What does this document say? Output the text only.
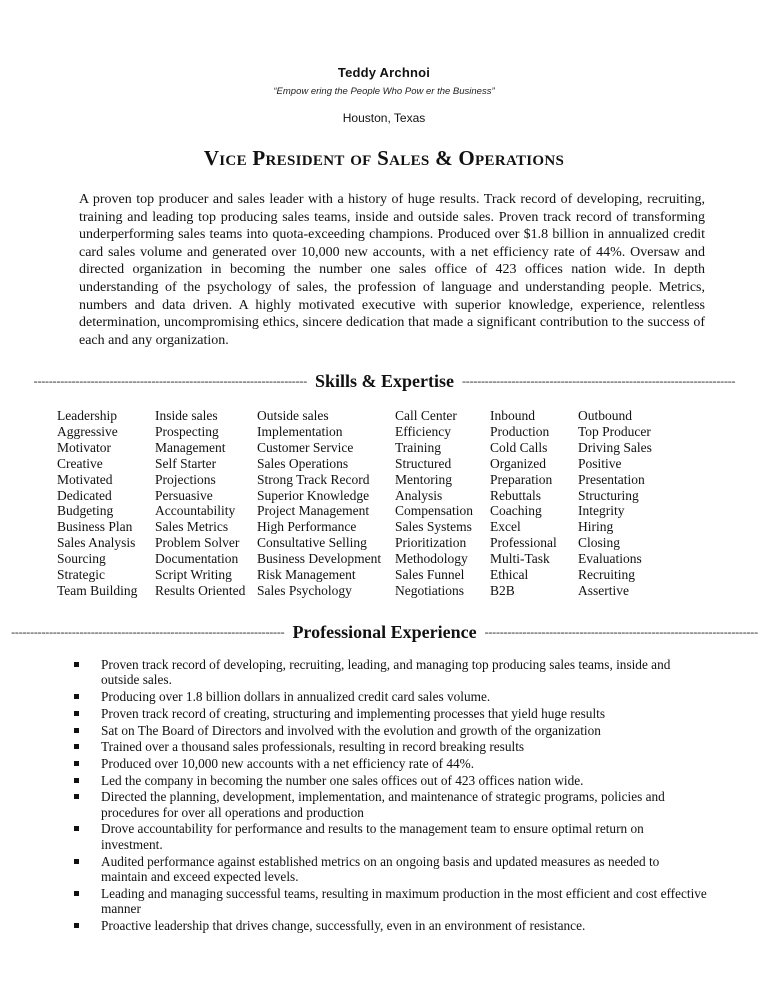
Teddy Archnoi
“Empow ering the People Who Pow er the Business”
Houston, Texas
Vice President of Sales & Operations
A proven top producer and sales leader with a history of huge results. Track record of developing, recruiting, training and leading top producing sales teams, inside and outside sales. Proven track record of transforming underperforming sales teams into quota-exceeding champions. Produced over $1.8 billion in annualized credit card sales volume and generated over 10,000 new accounts, with a net efficiency rate of 44%. Oversaw and directed organization in becoming the number one sales office of 423 offices nation wide. In depth understanding of the psychology of sales, the profession of language and understanding people. Metrics, numbers and data driven. A highly motivated executive with superior knowledge, experience, relentless determination, uncompromising ethics, sincere dedication that made a significant contribution to the success of each and any organization.
------------------------------------------------------------------------ Skills & Expertise ------------------------------------------------------------------------
Leadership	Inside sales	Outside sales	Call Center	Inbound	Outbound
Aggressive	Prospecting	Implementation	Efficiency	Production	Top Producer
Motivator	Management	Customer Service	Training	Cold Calls	Driving Sales
Creative	Self Starter	Sales Operations	Structured	Organized	Positive
Motivated	Projections	Strong Track Record	Mentoring	Preparation	Presentation
Dedicated	Persuasive	Superior Knowledge	Analysis	Rebuttals	Structuring
Budgeting	Accountability	Project Management	Compensation	Coaching	Integrity
Business Plan	Sales Metrics	High Performance	Sales Systems	Excel	Hiring
Sales Analysis	Problem Solver	Consultative Selling	Prioritization	Professional	Closing
Sourcing	Documentation	Business Development	Methodology	Multi-Task	Evaluations
Strategic	Script Writing	Risk Management	Sales Funnel	Ethical	Recruiting
Team Building	Results Oriented	Sales Psychology	Negotiations	B2B	Assertive
------------------------------------------------------------------------ Professional Experience ------------------------------------------------------------------------
Proven track record of developing, recruiting, leading, and managing top producing sales teams, inside and outside sales.
Producing over 1.8 billion dollars in annualized credit card sales volume.
Proven track record of creating, structuring and implementing processes that yield huge results
Sat on The Board of Directors and involved with the evolution and growth of the organization
Trained over a thousand sales professionals, resulting in record breaking results
Produced over 10,000 new accounts with a net efficiency rate of 44%.
Led the company in becoming the number one sales offices out of 423 offices nation wide.
Directed the planning, development, implementation, and maintenance of strategic programs, policies and procedures for over all operations and production
Drove accountability for performance and results to the management team to ensure optimal return on investment.
Audited performance against established metrics on an ongoing basis and updated measures as needed to maintain and exceed expected levels.
Leading and managing successful teams, resulting in maximum production in the most efficient and cost effective manner
Proactive leadership that drives change, successfully, even in an environment of resistance.
